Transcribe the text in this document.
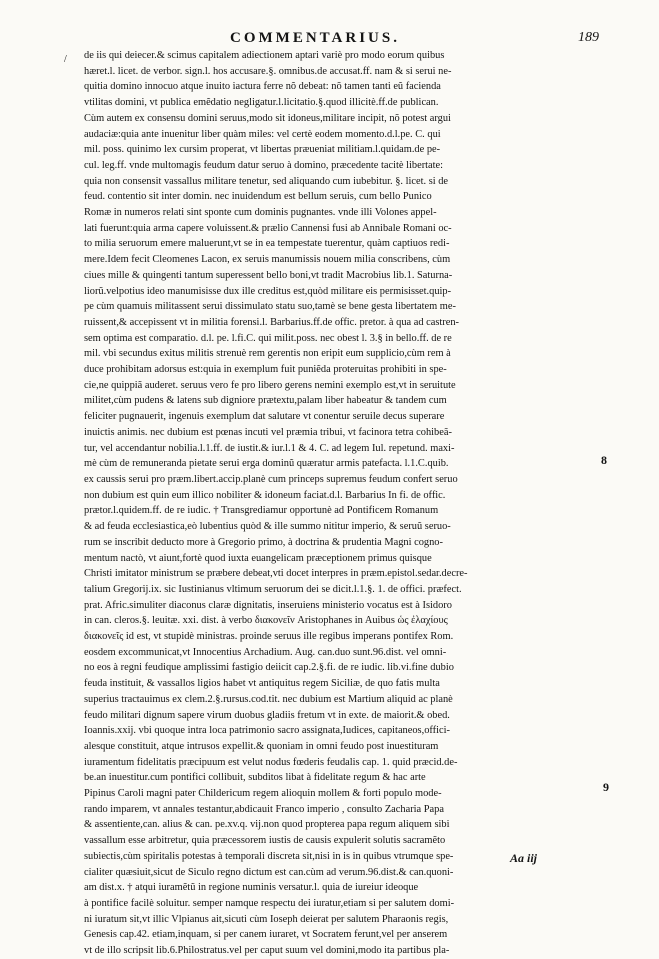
COMMENTARIUS.	189
/ de iis qui deiecer.& scimus capitalem adiectionem aptari variè pro modo eorum quibus
hæret.l. licet. de verbor. sign.l. hos accusare.§. omnibus.de accusat.ff. nam & si serui ne-
quitia domino innocuo atque inuito iactura ferre nõ debeat: nõ tamen tanti eũ facienda
vtilitas domini, vt publica emẽdatio negligatur.l.licitatio.§.quod illicitè.ff.de publican.
Cùm autem ex consensu domini seruus,modo sit idoneus,militare incipit, nõ potest argui
audaciæ:quia ante inuenitur liber quàm miles: vel certè eodem momento.d.l.pe. C. qui
mil. poss. quinimo lex cursim properat, vt libertas præueniat militiam.l.quidam.de pe-
cul. leg.ff. vnde multomagis feudum datur seruo à domino, præcedente tacitè libertate:
quia non consensit vassallus militare tenetur, sed aliquando cum iubebitur. §. licet. si de
feud. contentio sit inter domin. nec inuidendum est bellum seruis, cum bello Punico
Romæ in numeros relati sint sponte cum dominis pugnantes. vnde illi Volones appel-
lati fuerunt:quia arma capere voluissent.& prælio Cannensi fusi ab Annibale Romani oc-
to milia seruorum emere maluerunt,vt se in ea tempestate tuerentur, quàm captiuos redi-
mere.Idem fecit Cleomenes Lacon, ex seruis manumissis nouem milia conscribens, cùm
ciues mille & quingenti tantum superessent bello boni,vt tradit Macrobius lib.1. Saturna-
liorũ.velpotius ideo manumisisse dux ille creditus est,quòd militare eis permisisset.quip-
pe cùm quamuis militassent serui dissimulato statu suo,tamè se bene gesta libertatem me-
ruissent,& accepissent vt in militia forensi.l. Barbarius.ff.de offic. pretor. à qua ad castren-
sem optima est comparatio. d.l. pe. l.fi.C. qui milit.poss. nec obest l. 3.§ in bello.ff. de re
mil. vbi secundus exitus militis strenuè rem gerentis non eripit eum supplicio,cùm rem à
duce prohibitam adorsus est:quia in exemplum fuit puniẽda proteruitas prohibiti in spe-
cie,ne quippiã auderet. seruus vero fe pro libero gerens nemini exemplo est,vt in seruitute
militet,cùm pudens & latens sub digniore prætextu,palam liber habeatur & tandem cum
feliciter pugnauerit, ingenuis exemplum dat salutare vt conentur seruile decus superare
inuictis animis. nec dubium est pœnas incuti vel præmia tribui, vt facinora tetra cohibeã-
tur, vel accendantur nobilia.l.1.ff. de iustit.& iur.l.1 & 4. C. ad legem Iul. repetund. maxi-
mè cùm de remuneranda pietate serui erga dominũ quæratur armis patefacta. l.1.C.quib.
ex caussis serui pro præm.libert.accip.planè cum princeps supremus feudum confert seruo
non dubium est quin eum illico nobiliter & idoneum faciat.d.l. Barbarius In fi. de offic.
prætor.l.quidem.ff. de re iudic. † Transgrediamur opportunè ad Pontificem Romanum
& ad feuda ecclesiastica,eò lubentius quòd & ille summo nititur imperio, & seruũ seruo-
rum se inscribit deducto more à Gregorio primo, à doctrina & prudentia Magni cogno-
mentum nactò, vt aiunt,fortè quod iuxta euangelicam præceptionem primus quisque
Christi imitator ministrum se præbere debeat,vti docet interpres in præm.epistol.sedar.decre-
talium Gregorij.ix. sic Iustinianus vltimum seruorum dei se dicit.l.1.§. 1. de offici. præfect.
prat. Afric.simuliter diaconus claræ dignitatis, inseruiens ministerio vocatus est à Isidoro
in can. cleros.§. leuitæ. xxi. dist. à verbo διακονεῖν Aristophanes in Auibus ὡς ἐλαχίους
διακονεῖς id est, vt stupidè ministras. proinde seruus ille regibus imperans pontifex Rom.
eosdem excommunicat,vt Innocentius Archadium. Aug. can.duo sunt.96.dist. vel omni-
no eos à regni feudique amplissimi fastigio deiicit cap.2.§.fi. de re iudic. lib.vi.fine dubio
feuda instituit, & vassallos ligios habet vt antiquitus regem Siciliæ, de quo fatis multa
superius tractauimus ex clem.2.§.rursus.cod.tit. nec dubium est Martium aliquid ac planè
feudo militari dignum sapere virum duobus gladiis fretum vt in exte. de maiorit.& obed.
Ioannis.xxij. vbi quoque intra loca patrimonio sacro assignata,Iudices, capitaneos,offici-
alesque constituit, atque intrusos expellit.& quoniam in omni feudo post inuestituram
iuramentum fidelitatis præcipuum est velut nodus fœderis feudalis cap. 1. quid præcid.de-
be.an inuestitur.cum pontifici collibuit, subditos libat à fidelitate regum & hac arte
Pipinus Caroli magni pater Childericum regem alioquin mollem & forti populo mode-
rando imparem, vt annales testantur,abdicauit Franco imperio , consulto Zacharia Papa
& assentiente,can. alius & can. pe.xv.q. vij.non quod propterea papa regum aliquem sibi
vassallum esse arbitretur, quia præcessorem iustis de causis expulerit solutis sacramẽto
subiectis,cùm spiritalis potestas à temporali discreta sit,nisi in is in quibus vtrumque spe-
cialiter quæsiuit,sicut de Siculo regno dictum est can.cùm ad verum.96.dist.& can.quoni-
am dist.x. † atqui iuramẽtũ in regione numinis versatur.l. quia de iureiur ideoque
à pontifice facilè soluitur. semper namque respectu dei iuratur,etiam si per salutem domi-
ni iuratum sit,vt illic Vlpianus ait,sicuti cùm Ioseph deierat per salutem Pharaonis regis,
Genesis cap.42. etiam,inquam, si per canem iuraret, vt Socratem ferunt,vel per anserem
vt de illo scripsit lib.6.Philostratus.vel per caput suum vel domini,modo ita partibus pla-
8
9
Aa iij
